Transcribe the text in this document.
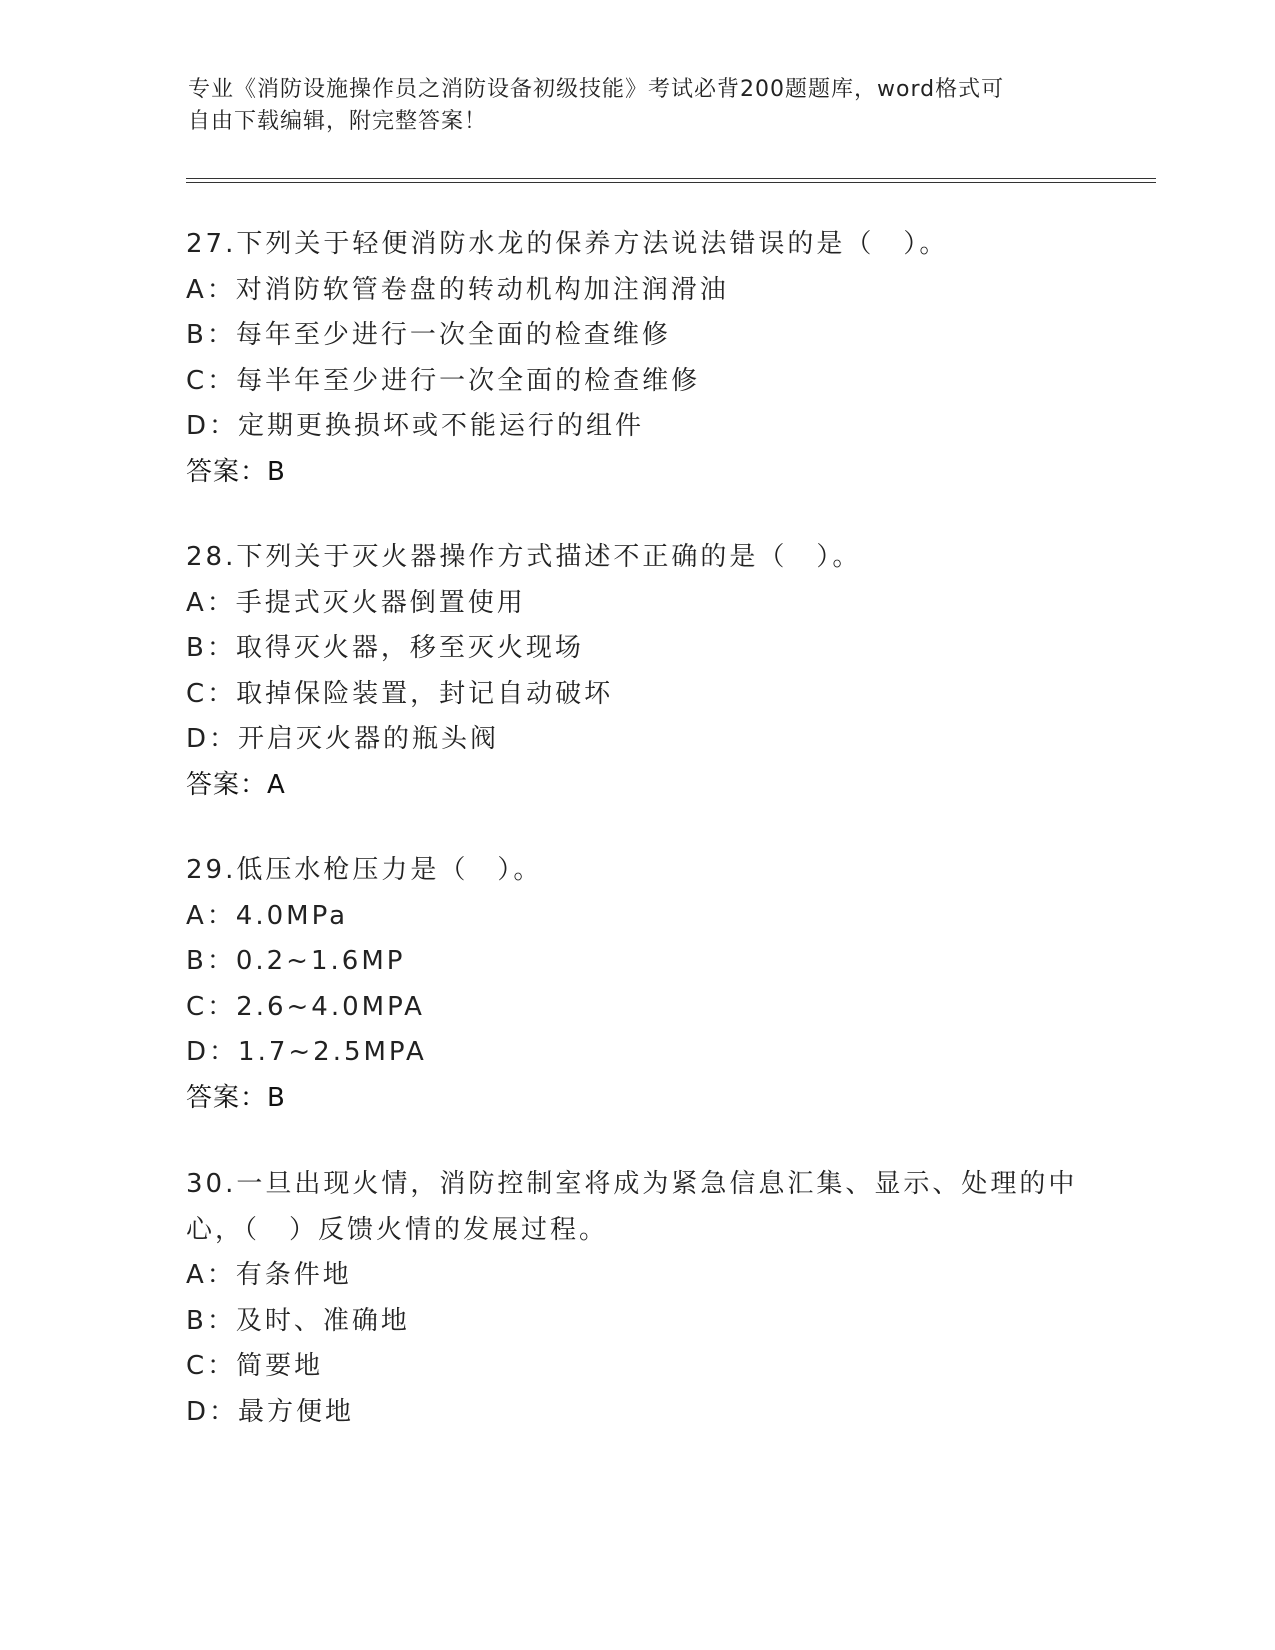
专业《消防设施操作员之消防设备初级技能》考试必背200题题库，word格式可
自由下载编辑，附完整答案！
27.下列关于轻便消防水龙的保养方法说法错误的是（　）。
A：对消防软管卷盘的转动机构加注润滑油
B：每年至少进行一次全面的检查维修
C：每半年至少进行一次全面的检查维修
D：定期更换损坏或不能运行的组件
答案：B
28.下列关于灭火器操作方式描述不正确的是（　）。
A：手提式灭火器倒置使用
B：取得灭火器，移至灭火现场
C：取掉保险装置，封记自动破坏
D：开启灭火器的瓶头阀
答案：A
29.低压水枪压力是（　）。
A：4.0MPa
B：0.2~1.6MP
C：2.6~4.0MPA
D：1.7~2.5MPA
答案：B
30.一旦出现火情，消防控制室将成为紧急信息汇集、显示、处理的中
心，（　）反馈火情的发展过程。
A：有条件地
B：及时、准确地
C：简要地
D：最方便地
